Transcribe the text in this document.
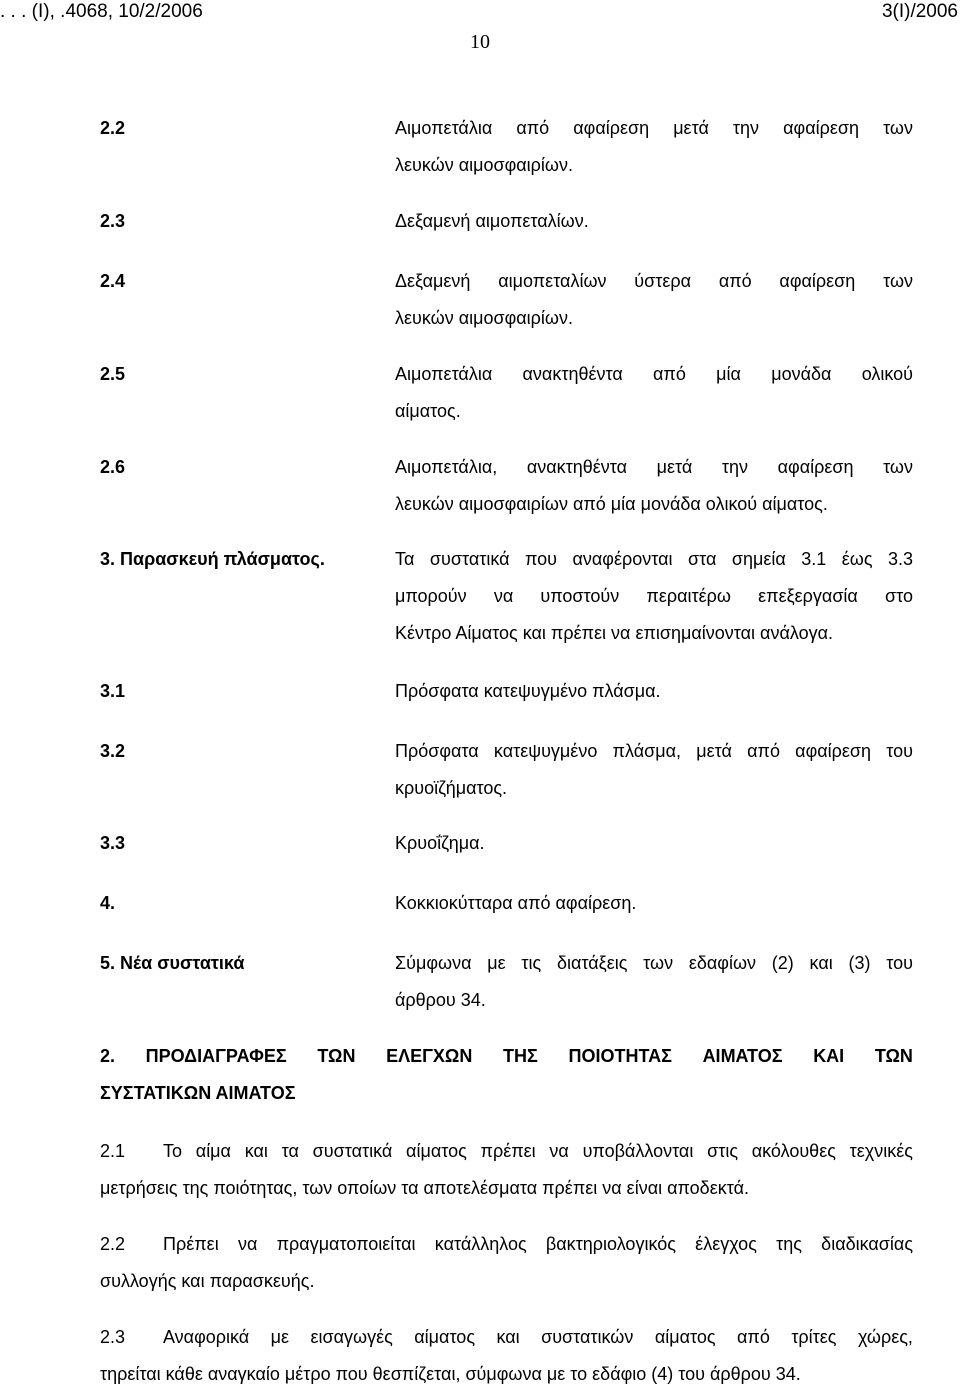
. . . (Ι), .4068, 10/2/2006	3(Ι)/2006
10
2.2	Αιμοπετάλια από αφαίρεση μετά την αφαίρεση των
λευκών αιμοσφαιρίων.
2.3	Δεξαμενή αιμοπεταλίων.
2.4	Δεξαμενή αιμοπεταλίων ύστερα από αφαίρεση των
λευκών αιμοσφαιρίων.
2.5	Αιμοπετάλια ανακτηθέντα από μία μονάδα ολικού
αίματος.
2.6	Αιμοπετάλια, ανακτηθέντα μετά την αφαίρεση των
λευκών αιμοσφαιρίων από μία μονάδα ολικού αίματος.
3. Παρασκευή πλάσματος.	Τα συστατικά που αναφέρονται στα σημεία 3.1 έως 3.3
μπορούν να υποστούν περαιτέρω επεξεργασία στο
Κέντρο Αίματος και πρέπει να επισημαίνονται ανάλογα.
3.1	Πρόσφατα κατεψυγμένο πλάσμα.
3.2	Πρόσφατα κατεψυγμένο πλάσμα, μετά από αφαίρεση του
κρυοϊζήματος.
3.3	Κρυοΐζημα.
4.	Κοκκιοκύτταρα από αφαίρεση.
5. Νέα συστατικά	Σύμφωνα με τις διατάξεις των εδαφίων (2) και (3) του
άρθρου 34.
2. ΠΡΟΔΙΑΓΡΑΦΕΣ ΤΩΝ ΕΛΕΓΧΩΝ ΤΗΣ ΠΟΙΟΤΗΤΑΣ ΑΙΜΑΤΟΣ ΚΑΙ ΤΩΝ
ΣΥΣΤΑΤΙΚΩΝ ΑΙΜΑΤΟΣ
2.1	Το αίμα και τα συστατικά αίματος πρέπει να υποβάλλονται στις ακόλουθες τεχνικές
μετρήσεις της ποιότητας, των οποίων τα αποτελέσματα πρέπει να είναι αποδεκτά.
2.2	Πρέπει να πραγματοποιείται κατάλληλος βακτηριολογικός έλεγχος της διαδικασίας
συλλογής και παρασκευής.
2.3	Αναφορικά με εισαγωγές αίματος και συστατικών αίματος από τρίτες χώρες,
τηρείται κάθε αναγκαίο μέτρο που θεσπίζεται, σύμφωνα με το εδάφιο (4) του άρθρου 34.
